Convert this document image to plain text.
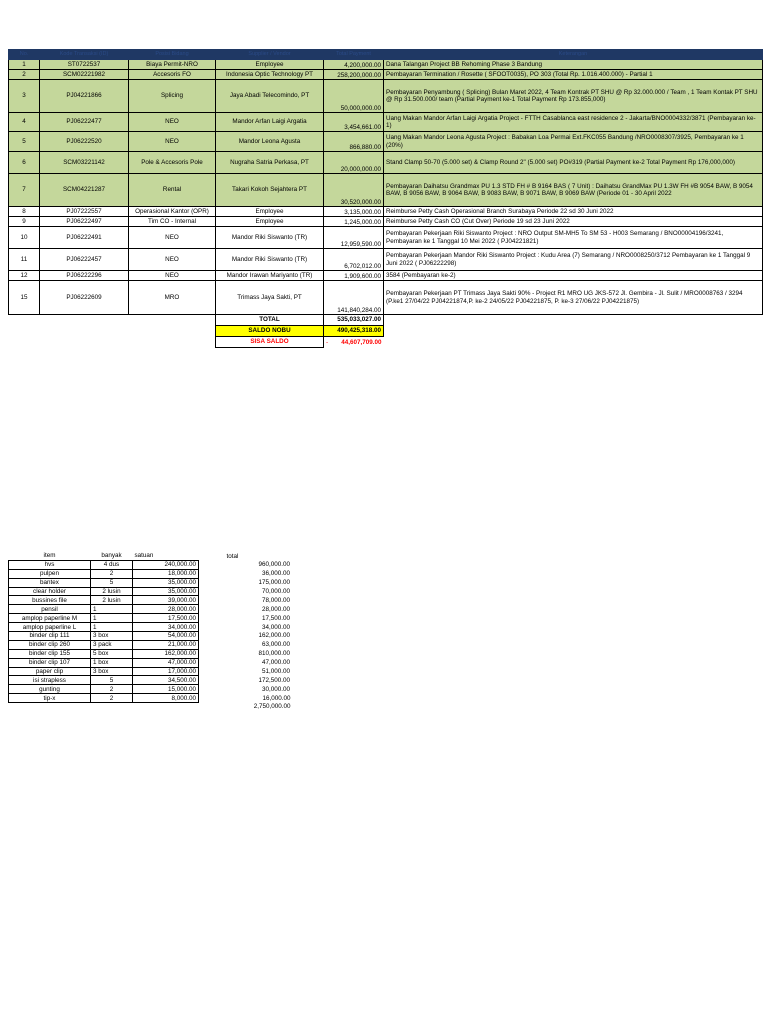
No.	Kode Transaksi (ID)	Posisi Bidang	Supplier / Vendor	Total Payment	Keterangan
1	ST0722537	Biaya Permit-NRO	Employee	4,200,000.00	Dana Talangan Project BB Rehoming Phase 3 Bandung
2	SCM02221982	Accesoris FO	Indonesia Optic Technology PT	258,200,000.00	Pembayaran Termination / Rosette ( SFOOT0035), PO 303 (Total Rp. 1.016.400.000) - Partial 1
3	PJ04221866	Splicing	Jaya Abadi Telecomindo, PT	50,000,000.00	Pembayaran Penyambung ( Splicing) Bulan Maret 2022, 4 Team Kontrak PT SHU @ Rp 32.000.000 / Team , 1 Team Kontak PT SHU @ Rp 31.500.000/ team (Partial Payment ke-1 Total Payment Rp 173.855,000)
4	PJ06222477	NEO	Mandor Arfan Laigi Argatia	3,454,661.00	Uang Makan Mandor Arfan Laigi Argatia Project - FTTH Casablanca east residence 2 - Jakarta/BNO0004332/3871 (Pembayaran ke-1)
5	PJ06222520	NEO	Mandor Leona Agusta	866,880.00	Uang Makan Mandor Leona Agusta Project : Babakan Loa Permai Ext.FKC055 Bandung /NRO0008307/3925, Pembayaran ke 1 (20%)
6	SCM03221142	Pole & Accesoris Pole	Nugraha Satria Perkasa, PT	20,000,000.00	Stand Clamp 50-70 (5.000 set) & Clamp Round 2" (5.000 set) PO#319 (Partial Payment ke-2 Total Payment Rp 176,000,000)
7	SCM04221287	Rental	Takari Kokoh Sejahtera PT	30,520,000.00	Pembayaran Daihatsu Grandmax PU 1.3 STD FH # B 9164 BAS ( 7 Unit) : Daihatsu GrandMax PU 1.3W FH #B 9054 BAW, B 9054 BAW, B 9056 BAW, B 9064 BAW, B 9083 BAW, B 9071 BAW, B 9069 BAW (Periode 01 - 30 April 2022
8	PJ07222557	Operasional Kantor (OPR)	Employee	3,135,000.00	Reimburse Petty Cash Operasional Branch Surabaya Periode 22 sd 30 Juni 2022
9	PJ06222497	Tim CO - Internal	Employee	1,245,000.00	Reimburse Petty Cash CO (Cut Over) Periode 19 sd 23 Juni 2022
10	PJ06222491	NEO	Mandor Riki Siswanto (TR)	12,959,590.00	Pembayaran Pekerjaan Riki Siswanto Project : NRO Output SM-MH5 To SM 53 - H003 Semarang / BNO00004196/3241, Pembayaran ke 1 Tanggal 10 Mei 2022 ( PJ04221821)
11	PJ06222457	NEO	Mandor Riki Siswanto (TR)	6,702,012.00	Pembayaran Pekerjaan Mandor Riki Siswanto Project : Kudu Area (7) Semarang / NRO0008250/3712 Pembayaran ke 1 Tanggal 9 Juni 2022 ( PJ06222298)
12	PJ06222296	NEO	Mandor Irawan Mariyanto (TR)	1,909,600.00	3584 (Pembayaran ke-2)
15	PJ06222609	MRO	Trimass Jaya Sakti, PT	141,840,284.00	Pembayaran Pekerjaan PT Trimass Jaya Sakti 90% - Project R1 MRO UG JKS-572 Jl. Gembira - Jl. Sulit / MRO0008763 / 3294 (P.ke1 27/04/22 PJ04221874,P. ke-2 24/05/22 PJ04221875, P. ke-3 27/06/22 PJ04221875)
			TOTAL	535,033,027.00	
			SALDO NOBU	490,425,318.00	
			SISA SALDO	- 44,607,709.00	
item	banyak	satuan	total
hvs	4 dus	240,000.00	960,000.00
pulpen	2	18,000.00	36,000.00
bantex	5	35,000.00	175,000.00
clear holder	2 lusin	35,000.00	70,000.00
bussines file	2 lusin	39,000.00	78,000.00
pensil	1	28,000.00	28,000.00
amplop paperline M	1	17,500.00	17,500.00
amplop paperline L	1	34,000.00	34,000.00
binder clip 111	3 box	54,000.00	162,000.00
binder clip 260	3 pack	21,000.00	63,000.00
binder clip 155	5 box	162,000.00	810,000.00
binder clip 107	1 box	47,000.00	47,000.00
paper clip	3 box	17,000.00	51,000.00
isi strapless	5	34,500.00	172,500.00
gunting	2	15,000.00	30,000.00
tip-x	2	8,000.00	16,000.00
			2,750,000.00
